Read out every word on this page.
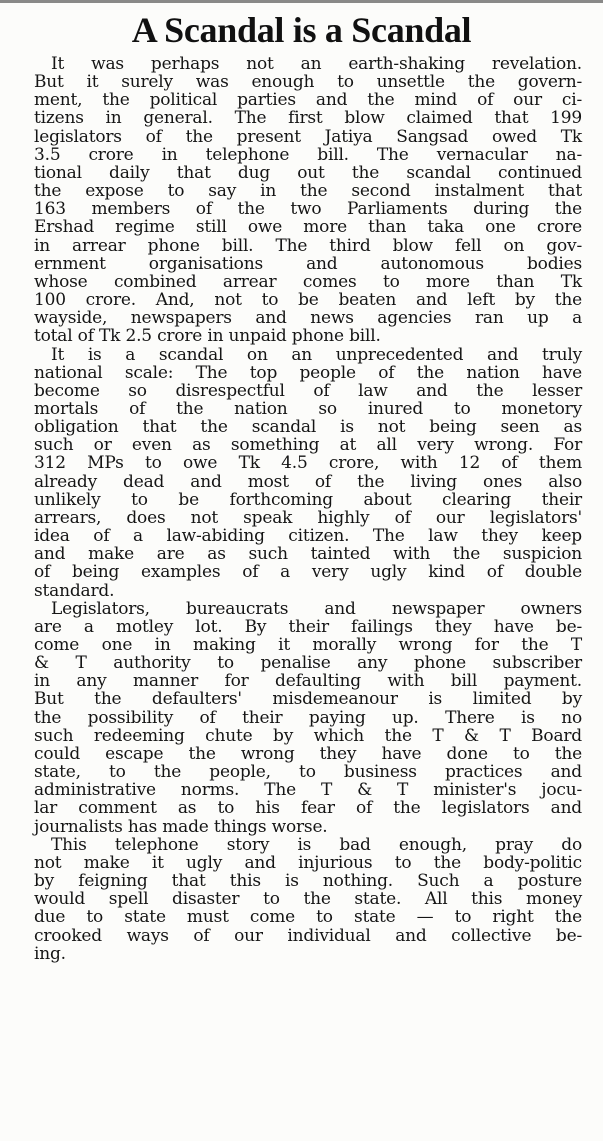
A Scandal is a Scandal
It was perhaps not an earth-shaking revelation.
But it surely was enough to unsettle the govern-
ment, the political parties and the mind of our ci-
tizens in general. The first blow claimed that 199
legislators of the present Jatiya Sangsad owed Tk
3.5 crore in telephone bill. The vernacular na-
tional daily that dug out the scandal continued
the expose to say in the second instalment that
163 members of the two Parliaments during the
Ershad regime still owe more than taka one crore
in arrear phone bill. The third blow fell on gov-
ernment organisations and autonomous bodies
whose combined arrear comes to more than Tk
100 crore. And, not to be beaten and left by the
wayside, newspapers and news agencies ran up a
total of Tk 2.5 crore in unpaid phone bill.
It is a scandal on an unprecedented and truly
national scale: The top people of the nation have
become so disrespectful of law and the lesser
mortals of the nation so inured to monetory
obligation that the scandal is not being seen as
such or even as something at all very wrong. For
312 MPs to owe Tk 4.5 crore, with 12 of them
already dead and most of the living ones also
unlikely to be forthcoming about clearing their
arrears, does not speak highly of our legislators'
idea of a law-abiding citizen. The law they keep
and make are as such tainted with the suspicion
of being examples of a very ugly kind of double
standard.
Legislators, bureaucrats and newspaper owners
are a motley lot. By their failings they have be-
come one in making it morally wrong for the T
& T authority to penalise any phone subscriber
in any manner for defaulting with bill payment.
But the defaulters' misdemeanour is limited by
the possibility of their paying up. There is no
such redeeming chute by which the T & T Board
could escape the wrong they have done to the
state, to the people, to business practices and
administrative norms. The T & T minister's jocu-
lar comment as to his fear of the legislators and
journalists has made things worse.
This telephone story is bad enough, pray do
not make it ugly and injurious to the body-politic
by feigning that this is nothing. Such a posture
would spell disaster to the state. All this money
due to state must come to state — to right the
crooked ways of our individual and collective be-
ing.
